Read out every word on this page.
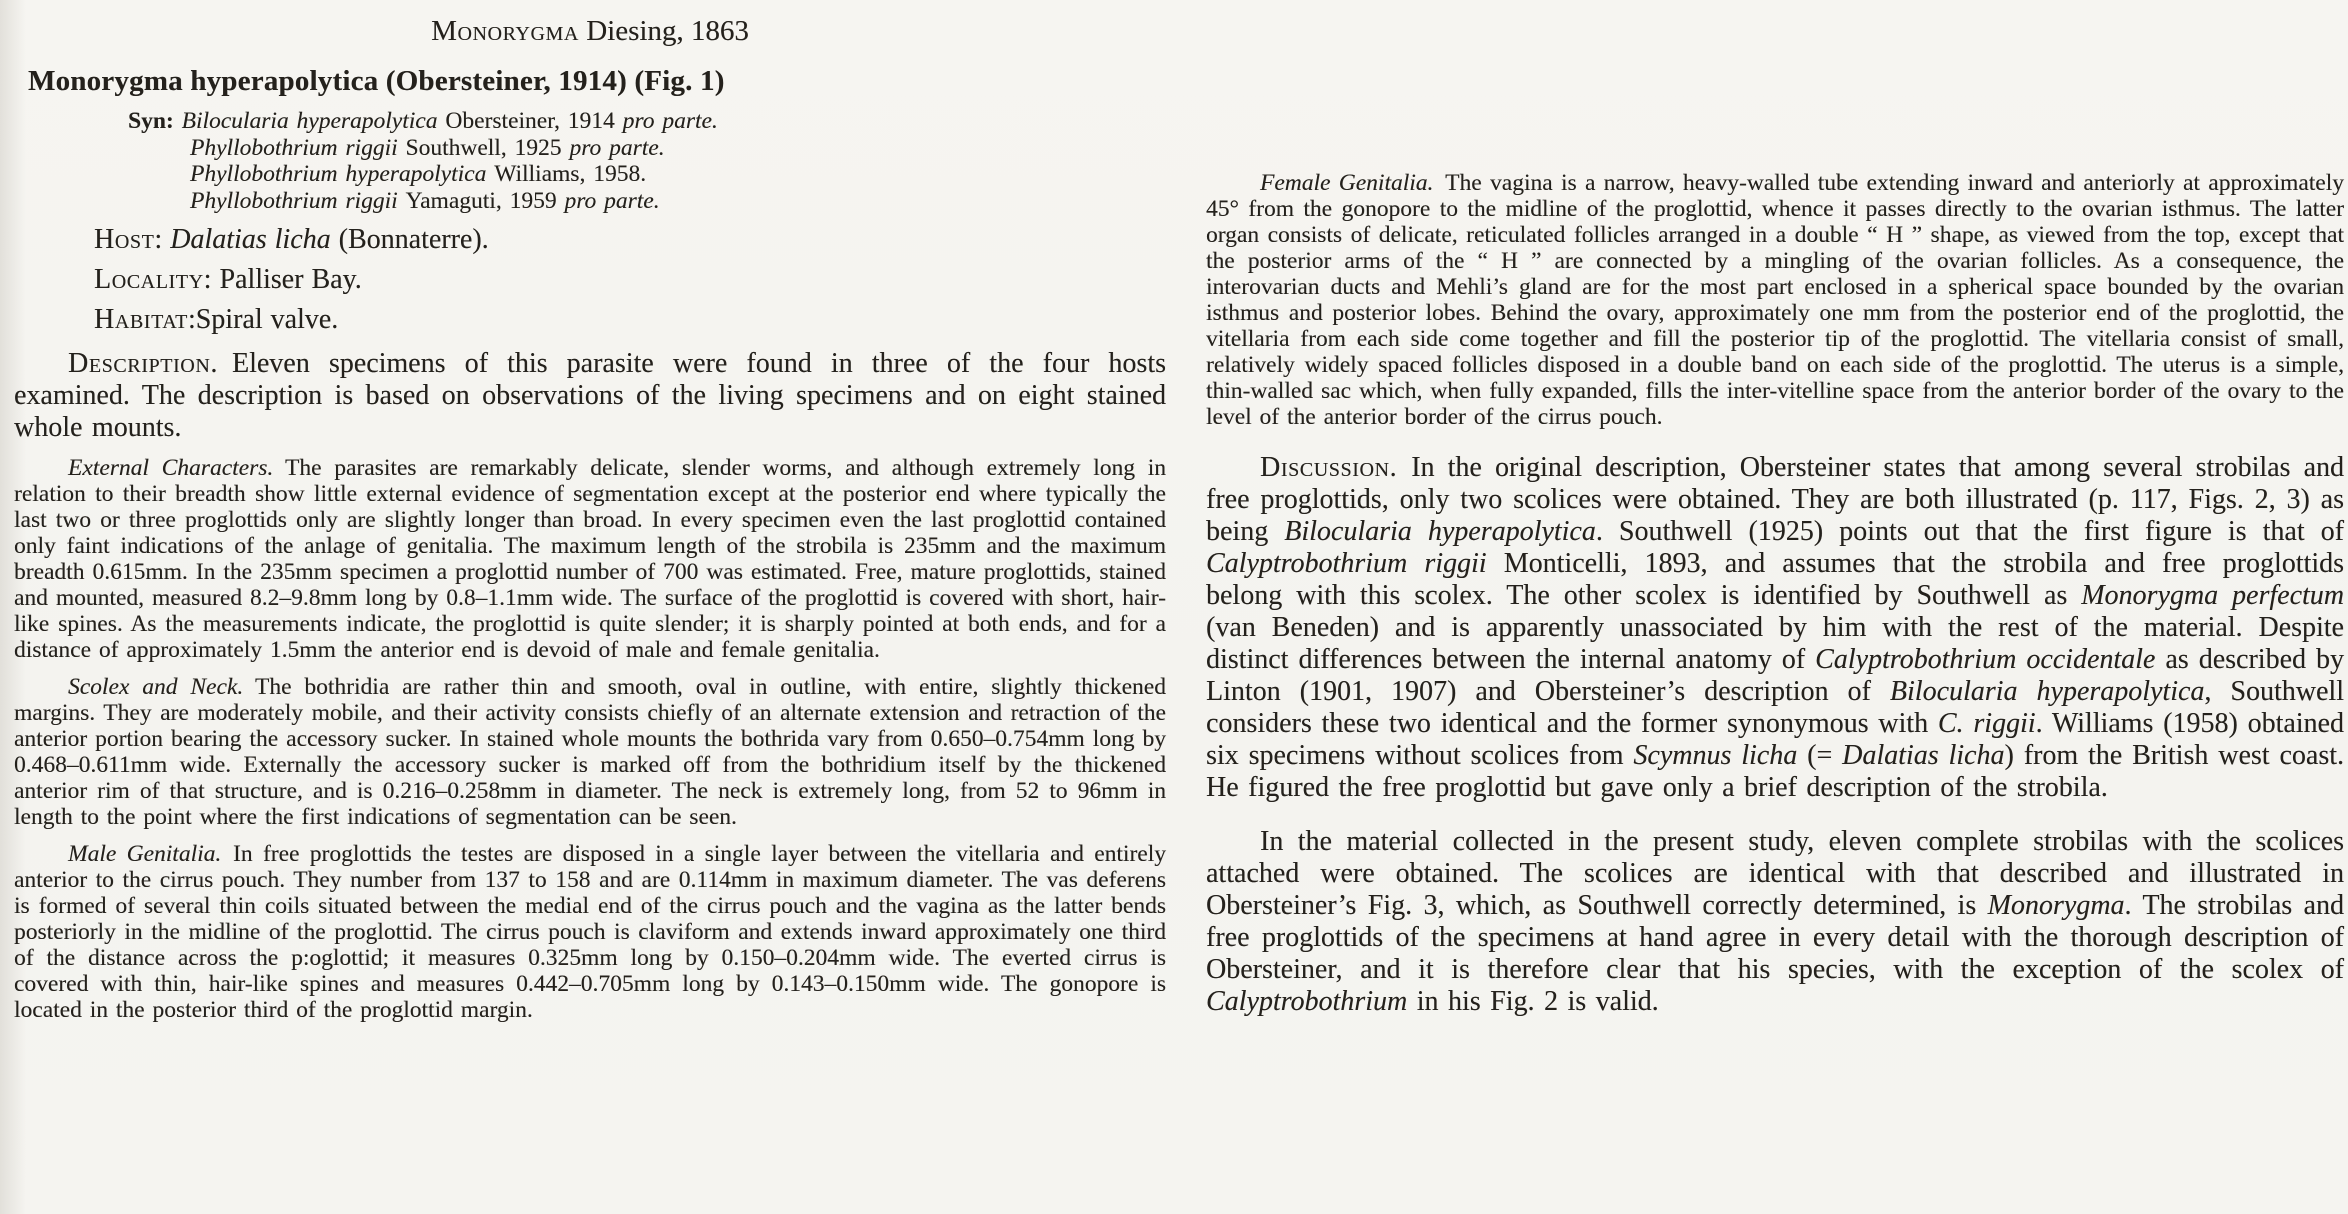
Monorygma Diesing, 1863

Monorygma hyperapolytica (Obersteiner, 1914) (Fig. 1)

Syn: Bilocularia hyperapolytica Obersteiner, 1914 pro parte.

Phyllobothrium riggii Southwell, 1925 pro parte.

Phyllobothrium hyperapolytica Williams, 1958.

Phyllobothrium riggii Yamaguti, 1959 pro parte.

Host: Dalatias licha (Bonnaterre).

Locality: Palliser Bay.

Habitat:Spiral valve.

Description. Eleven specimens of this parasite were found in three of the four hosts examined. The description is based on observations of the living specimens and on eight stained whole mounts.

External Characters. The parasites are remarkably delicate, slender worms, and although extremely long in relation to their breadth show little external evidence of segmentation except at the posterior end where typically the last two or three proglottids only are slightly longer than broad. In every specimen even the last proglottid contained only faint indications of the anlage of genitalia. The maximum length of the strobila is 235mm and the maximum breadth 0.615mm. In the 235mm specimen a proglottid number of 700 was estimated. Free, mature proglottids, stained and mounted, measured 8.2–9.8mm long by 0.8–1.1mm wide. The surface of the proglottid is covered with short, hair-like spines. As the measurements indicate, the proglottid is quite slender; it is sharply pointed at both ends, and for a distance of approximately 1.5mm the anterior end is devoid of male and female genitalia.

Scolex and Neck. The bothridia are rather thin and smooth, oval in outline, with entire, slightly thickened margins. They are moderately mobile, and their activity consists chiefly of an alternate extension and retraction of the anterior portion bearing the accessory sucker. In stained whole mounts the bothrida vary from 0.650–0.754mm long by 0.468–0.611mm wide. Externally the accessory sucker is marked off from the bothridium itself by the thickened anterior rim of that structure, and is 0.216–0.258mm in diameter. The neck is extremely long, from 52 to 96mm in length to the point where the first indications of segmentation can be seen.

Male Genitalia. In free proglottids the testes are disposed in a single layer between the vitellaria and entirely anterior to the cirrus pouch. They number from 137 to 158 and are 0.114mm in maximum diameter. The vas deferens is formed of several thin coils situated between the medial end of the cirrus pouch and the vagina as the latter bends posteriorly in the midline of the proglottid. The cirrus pouch is claviform and extends inward approximately one third of the distance across the p:oglottid; it measures 0.325mm long by 0.150–0.204mm wide. The everted cirrus is covered with thin, hair-like spines and measures 0.442–0.705mm long by 0.143–0.150mm wide. The gonopore is located in the posterior third of the proglottid margin.

Female Genitalia. The vagina is a narrow, heavy-walled tube extending inward and anteriorly at approximately 45° from the gonopore to the midline of the proglottid, whence it passes directly to the ovarian isthmus. The latter organ consists of delicate, reticulated follicles arranged in a double “ H ” shape, as viewed from the top, except that the posterior arms of the “ H ” are connected by a mingling of the ovarian follicles. As a consequence, the interovarian ducts and Mehli’s gland are for the most part enclosed in a spherical space bounded by the ovarian isthmus and posterior lobes. Behind the ovary, approximately one mm from the posterior end of the proglottid, the vitellaria from each side come together and fill the posterior tip of the proglottid. The vitellaria consist of small, relatively widely spaced follicles disposed in a double band on each side of the proglottid. The uterus is a simple, thin-walled sac which, when fully expanded, fills the inter-vitelline space from the anterior border of the ovary to the level of the anterior border of the cirrus pouch.

Discussion. In the original description, Obersteiner states that among several strobilas and free proglottids, only two scolices were obtained. They are both illustrated (p. 117, Figs. 2, 3) as being Bilocularia hyperapolytica. Southwell (1925) points out that the first figure is that of Calyptrobothrium riggii Monticelli, 1893, and assumes that the strobila and free proglottids belong with this scolex. The other scolex is identified by Southwell as Monorygma perfectum (van Beneden) and is apparently unassociated by him with the rest of the material. Despite distinct differences between the internal anatomy of Calyptrobothrium occidentale as described by Linton (1901, 1907) and Obersteiner’s description of Bilocularia hyperapolytica, Southwell considers these two identical and the former synonymous with C. riggii. Williams (1958) obtained six specimens without scolices from Scymnus licha (= Dalatias licha) from the British west coast. He figured the free proglottid but gave only a brief description of the strobila.

In the material collected in the present study, eleven complete strobilas with the scolices attached were obtained. The scolices are identical with that described and illustrated in Obersteiner’s Fig. 3, which, as Southwell correctly determined, is Monorygma. The strobilas and free proglottids of the specimens at hand agree in every detail with the thorough description of Obersteiner, and it is therefore clear that his species, with the exception of the scolex of Calyptrobothrium in his Fig. 2 is valid.
